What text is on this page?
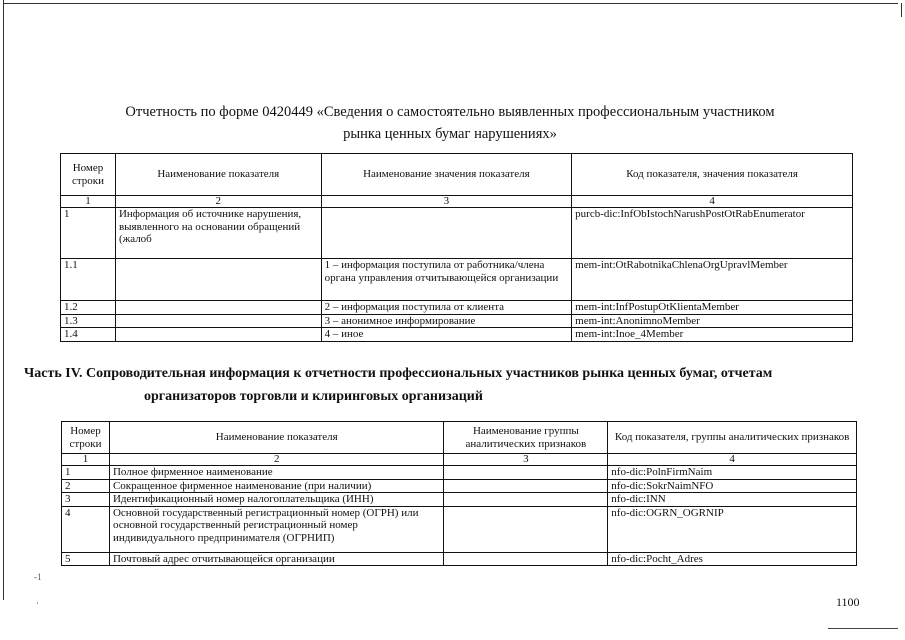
Отчетность по форме 0420449 «Сведения о самостоятельно выявленных профессиональным участником
рынка ценных бумаг нарушениях»
Номер строки	Наименование показателя	Наименование значения показателя	Код показателя, значения показателя
1	2	3	4
1	Информация об источнике нарушения, выявленного на основании обращений (жалоб		purcb-dic:InfObIstochNarushPostOtRabEnumerator
1.1		1 – информация поступила от работника/члена органа управления отчитывающейся организации	mem-int:OtRabotnikaChlenaOrgUpravlMember
1.2		2 – информация поступила от клиента	mem-int:InfPostupOtKlientaMember
1.3		3 – анонимное информирование	mem-int:AnonimnoMember
1.4		4 – иное	mem-int:Inoe_4Member
Часть IV. Сопроводительная информация к отчетности профессиональных участников рынка ценных бумаг, отчетам
организаторов торговли и клиринговых организаций
Номер строки	Наименование показателя	Наименование группы аналитических признаков	Код показателя, группы аналитических признаков
1	2	3	4
1	Полное фирменное наименование		nfo-dic:PolnFirmNaim
2	Сокращенное фирменное наименование (при наличии)		nfo-dic:SokrNaimNFO
3	Идентификационный номер налогоплательщика (ИНН)		nfo-dic:INN
4	Основной государственный регистрационный номер (ОГРН) или основной государственный регистрационный номер индивидуального предпринимателя (ОГРНИП)		nfo-dic:OGRN_OGRNIP
5	Почтовый адрес отчитывающейся организации		nfo-dic:Pocht_Adres
-1
·	1100
